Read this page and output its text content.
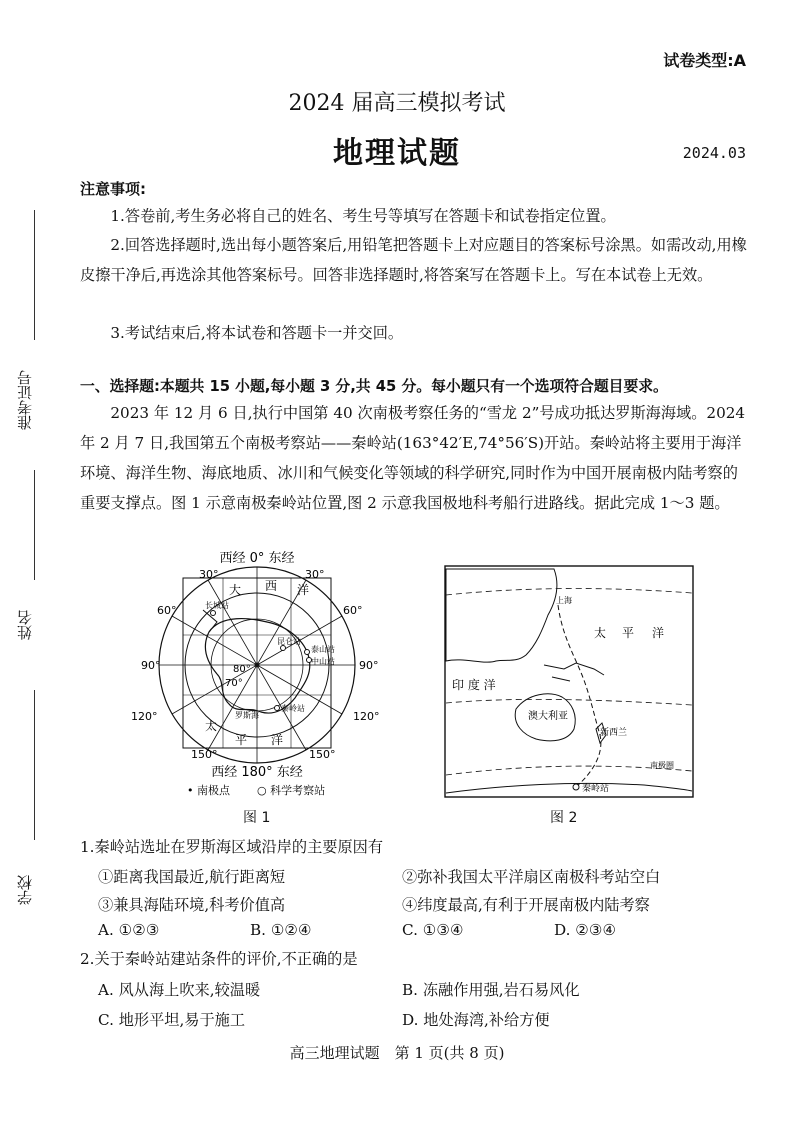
试卷类型:A
2024 届高三模拟考试
地理试题	2024.03
准考证号
姓名
学校
注意事项:
1.答卷前,考生务必将自己的姓名、考生号等填写在答题卡和试卷指定位置。
2.回答选择题时,选出每小题答案后,用铅笔把答题卡上对应题目的答案标号涂黑。如需改动,用橡皮擦干净后,再选涂其他答案标号。回答非选择题时,将答案写在答题卡上。写在本试卷上无效。
3.考试结束后,将本试卷和答题卡一并交回。
一、选择题:本题共 15 小题,每小题 3 分,共 45 分。每小题只有一个选项符合题目要求。
2023 年 12 月 6 日,执行中国第 40 次南极考察任务的“雪龙 2”号成功抵达罗斯海海域。2024 年 2 月 7 日,我国第五个南极考察站——秦岭站(163°42′E,74°56′S)开站。秦岭站将主要用于海洋环境、海洋生物、海底地质、冰川和气候变化等领域的科学研究,同时作为中国开展南极内陆考察的重要支撑点。图 1 示意南极秦岭站位置,图 2 示意我国极地科考船行进路线。据此完成 1～3 题。
西经 0° 东经
长城站
昆仑站
泰山站
中山站
秦岭站
罗斯海
70°
80°
大 西 洋
太
平 洋
30°	30°
60°	60°
90°	90°
120°	120°
150°	150°
西经 180° 东经
• 南极点 ○ 科学考察站
图 1
上海
太 平 洋
印 度 洋
澳大利亚
新西兰
南极圈
秦岭站
图 2
1.秦岭站选址在罗斯海区域沿岸的主要原因有
①距离我国最近,航行距离短	②弥补我国太平洋扇区南极科考站空白
③兼具海陆环境,科考价值高	④纬度最高,有利于开展南极内陆考察
A. ①②③	B. ①②④	C. ①③④	D. ②③④
2.关于秦岭站建站条件的评价,不正确的是
A. 风从海上吹来,较温暖	B. 冻融作用强,岩石易风化
C. 地形平坦,易于施工	D. 地处海湾,补给方便
高三地理试题　第 1 页(共 8 页)
